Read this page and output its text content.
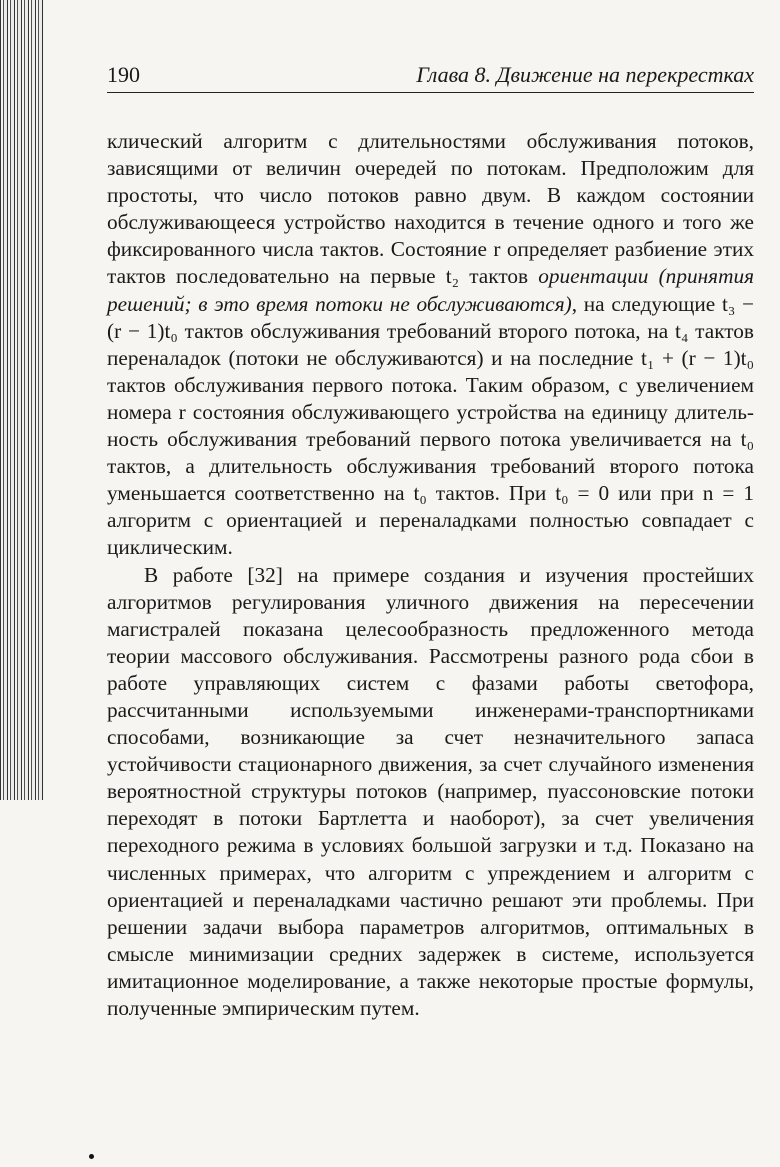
190	Глава 8. Движение на перекрестках

клический алгоритм с длительностями обслуживания потоков, зависящими от величин очередей по потокам. Предположим для простоты, что число потоков равно двум. В каждом состоянии обслуживающееся устройство находится в течение одного и того же фиксированного числа тактов. Состояние r определяет разбиение этих тактов последовательно на первые t₂ тактов ориентации (принятия решений; в это время потоки не обслуживаются), на следующие t₃ − (r − 1)t₀ тактов обслуживания требований второго потока, на t₄ тактов переналадок (потоки не обслуживаются) и на последние t₁ + (r − 1)t₀ тактов обслуживания первого потока. Таким образом, с увеличением номера r состояния обслуживающего устройства на единицу длительность обслуживания требований первого потока увеличивается на t₀ тактов, а длительность обслуживания требований второго потока уменьшается соответственно на t₀ тактов. При t₀ = 0 или при n = 1 алгоритм с ориентацией и переналадками полностью совпадает с циклическим.

В работе [32] на примере создания и изучения простейших алгоритмов регулирования уличного движения на пересечении магистралей показана целесообразность предложенного метода теории массового обслуживания. Рассмотрены разного рода сбои в работе управляющих систем с фазами работы светофора, рассчитанными используемыми инженерами-транспортниками способами, возникающие за счет незначительного запаса устойчивости стационарного движения, за счет случайного изменения вероятностной структуры потоков (например, пуассоновские потоки переходят в потоки Бартлетта и наоборот), за счет увеличения переходного режима в условиях большой загрузки и т.д. Показано на численных примерах, что алгоритм с упреждением и алгоритм с ориентацией и переналадками частично решают эти проблемы. При решении задачи выбора параметров алгоритмов, оптимальных в смысле минимизации средних задержек в системе, используется имитационное моделирование, а также некоторые простые формулы, полученные эмпирическим путем.
